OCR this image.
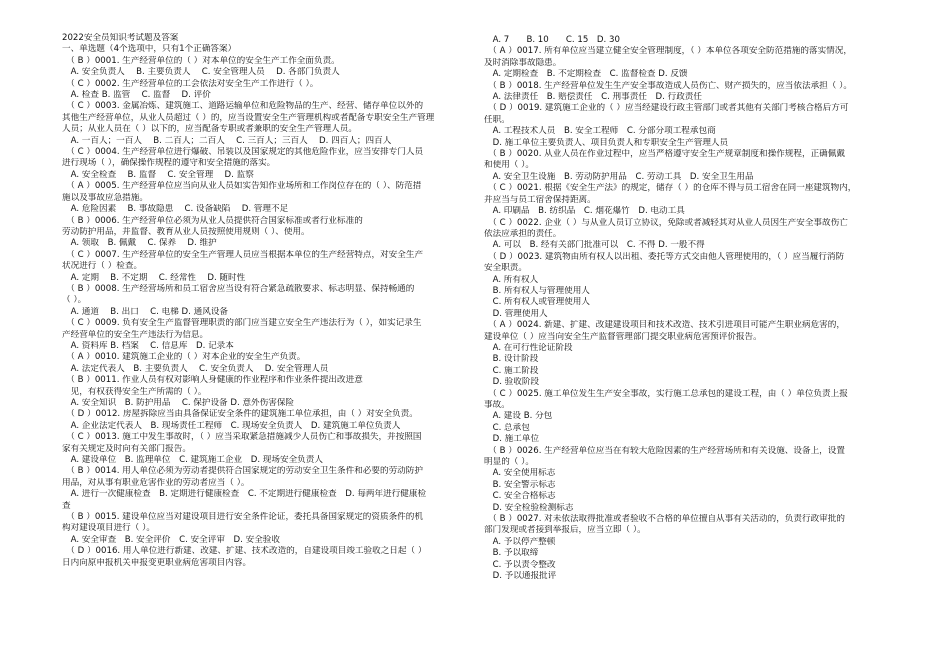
2022安全员知识考试题及答案
一、单选题（4个选项中，只有1个正确答案）
　（ B ）0001. 生产经营单位的（ ）对本单位的安全生产工作全面负责。
　A. 安全负责人　 B. 主要负责人　 C. 安全管理人员　 D. 各部门负责人
　（ C ）0002. 生产经营单位的工会依法对安全生产工作进行（ ）。
　A. 检查 B. 监管　 C. 监督　 D. 评价
　（ C ）0003. 金属冶炼、建筑施工、道路运输单位和危险物品的生产、经营、储存单位以外的
其他生产经营单位，从业人员超过（ ）的，应当设置安全生产管理机构或者配备专职安全生产管理
人员；从业人员在（ ）以下的，应当配备专职或者兼职的安全生产管理人员。
　A. 一百人；一百人　 B. 二百人；二百人　 C. 三百人；三百人　 D. 四百人；四百人
　（ C ）0004. 生产经营单位进行爆破、吊装以及国家规定的其他危险作业，应当安排专门人员
进行现场（ ），确保操作规程的遵守和安全措施的落实。
　A. 安全检查　 B. 监督　 C. 安全管理　 D. 监察
　（ A ）0005. 生产经营单位应当向从业人员如实告知作业场所和工作岗位存在的（ ）、防范措
施以及事故应急措施。
　A. 危险因素　 B. 事故隐患　 C. 设备缺陷　 D. 管理不足
　（ B ）0006. 生产经营单位必须为从业人员提供符合国家标准或者行业标准的
劳动防护用品，并监督、教育从业人员按照使用规则（ ）、使用。
　A. 领取　B. 佩戴　 C. 保养　 D. 维护
　（ C ）0007. 生产经营单位的安全生产管理人员应当根据本单位的生产经营特点，对安全生产
状况进行（ ）检查。
　A. 定期　 B. 不定期　 C. 经常性　 D. 随时性
　（ B ）0008. 生产经营场所和员工宿舍应当设有符合紧急疏散要求、标志明显、保持畅通的
（ ）。
　A. 通道　 B. 出口　 C. 电梯 D. 通风设备
　（ C ）0009. 负有安全生产监督管理职责的部门应当建立安全生产违法行为（ ），如实记录生
产经营单位的安全生产违法行为信息。
　A. 资料库 B. 档案　 C. 信息库　D. 记录本
　（ A ）0010. 建筑施工企业的（ ）对本企业的安全生产负责。
　A. 法定代表人　B. 主要负责人　 C. 安全负责人　 D. 安全管理人员
　（ B ）0011. 作业人员有权对影响人身健康的作业程序和作业条件提出改进意
　见，有权获得安全生产所需的（ ）。
　A. 安全知识　B. 防护用品　 C. 保护设备 D. 意外伤害保险
　（ D ）0012. 房屋拆除应当由具备保证安全条件的建筑施工单位承担，由（ ）对安全负责。
　A. 企业法定代表人　B. 现场责任工程师　C. 现场安全负责人　D. 建筑施工单位负责人
　（ C ）0013. 施工中发生事故时，（ ）应当采取紧急措施减少人员伤亡和事故损失，并按照国
家有关规定及时向有关部门报告。
　A. 建设单位　B. 监理单位　C. 建筑施工企业　D. 现场安全负责人
　（ B ）0014. 用人单位必须为劳动者提供符合国家规定的劳动安全卫生条件和必要的劳动防护
用品，对从事有职业危害作业的劳动者应当（ ）。
　A. 进行一次健康检查　B. 定期进行健康检查　C. 不定期进行健康检查　D. 每两年进行健康检
查
　（ B ）0015. 建设单位应当对建设项目进行安全条件论证，委托具备国家规定的资质条件的机
构对建设项目进行（ ）。
　A. 安全审查　B. 安全评价　C. 安全评审　D. 安全验收
　（ D ）0016. 用人单位进行新建、改建、扩建、技术改造的，自建设项目竣工验收之日起（ ）
日内向原申报机关申报变更职业病危害项目内容。
　A. 7　　B. 10　　C. 15　D. 30
　（ A ）0017. 所有单位应当建立健全安全管理制度，（ ）本单位各项安全防范措施的落实情况，
及时消除事故隐患。
　A. 定期检查　B. 不定期检查　C. 监督检查 D. 反馈
　（ B ）0018. 生产经营单位发生生产安全事故造成人员伤亡、财产损失的，应当依法承担（ ）。
　A. 法律责任　B. 赔偿责任　C. 刑事责任　D. 行政责任
　（ D ）0019. 建筑施工企业的（ ）应当经建设行政主管部门或者其他有关部门考核合格后方可
任职。
　A. 工程技术人员　B. 安全工程师　C. 分部分项工程承包商
　D. 施工单位主要负责人、项目负责人和专职安全生产管理人员
　（ B ）0020. 从业人员在作业过程中，应当严格遵守安全生产规章制度和操作规程，正确佩戴
和使用（ ）。
　A. 安全卫生设施　B. 劳动防护用品　C. 劳动工具　D. 安全卫生用品
　（ C ）0021. 根据《安全生产法》的规定，储存（ ）的仓库不得与员工宿舍在同一座建筑物内，
并应当与员工宿舍保持距离。
　A. 印刷品　B. 纺织品　C. 烟花爆竹　D. 电动工具
　（ C ）0022. 企业（ ）与从业人员订立协议，免除或者减轻其对从业人员因生产安全事故伤亡
依法应承担的责任。
　A. 可以　B. 经有关部门批准可以　C. 不得 D. 一般不得
　（ D ）0023. 建筑物由所有权人以出租、委托等方式交由他人管理使用的，（ ）应当履行消防
安全职责。
　A. 所有权人
　B. 所有权人与管理使用人
　C. 所有权人或管理使用人
　D. 管理使用人
　（ A ）0024. 新建、扩建、改建建设项目和技术改造、技术引进项目可能产生职业病危害的，
建设单位（ ）应当向安全生产监督管理部门提交职业病危害预评价报告。
　A. 在可行性论证阶段
　B. 设计阶段
　C. 施工阶段
　D. 验收阶段
　（ C ）0025. 施工单位发生生产安全事故，实行施工总承包的建设工程，由（ ）单位负责上报
事故。
　A. 建设 B. 分包
　C. 总承包
　D. 施工单位
　（ B ）0026. 生产经营单位应当在有较大危险因素的生产经营场所和有关设施、设备上，设置
明显的（ ）。
　A. 安全使用标志
　B. 安全警示标志
　C. 安全合格标志
　D. 安全检验检测标志
　（ B ）0027. 对未依法取得批准或者验收不合格的单位擅自从事有关活动的，负责行政审批的
部门发现或者接到举报后，应当立即（ ）。
　A. 予以停产整顿
　B. 予以取缔
　C. 予以责令整改
　D. 予以通报批评
